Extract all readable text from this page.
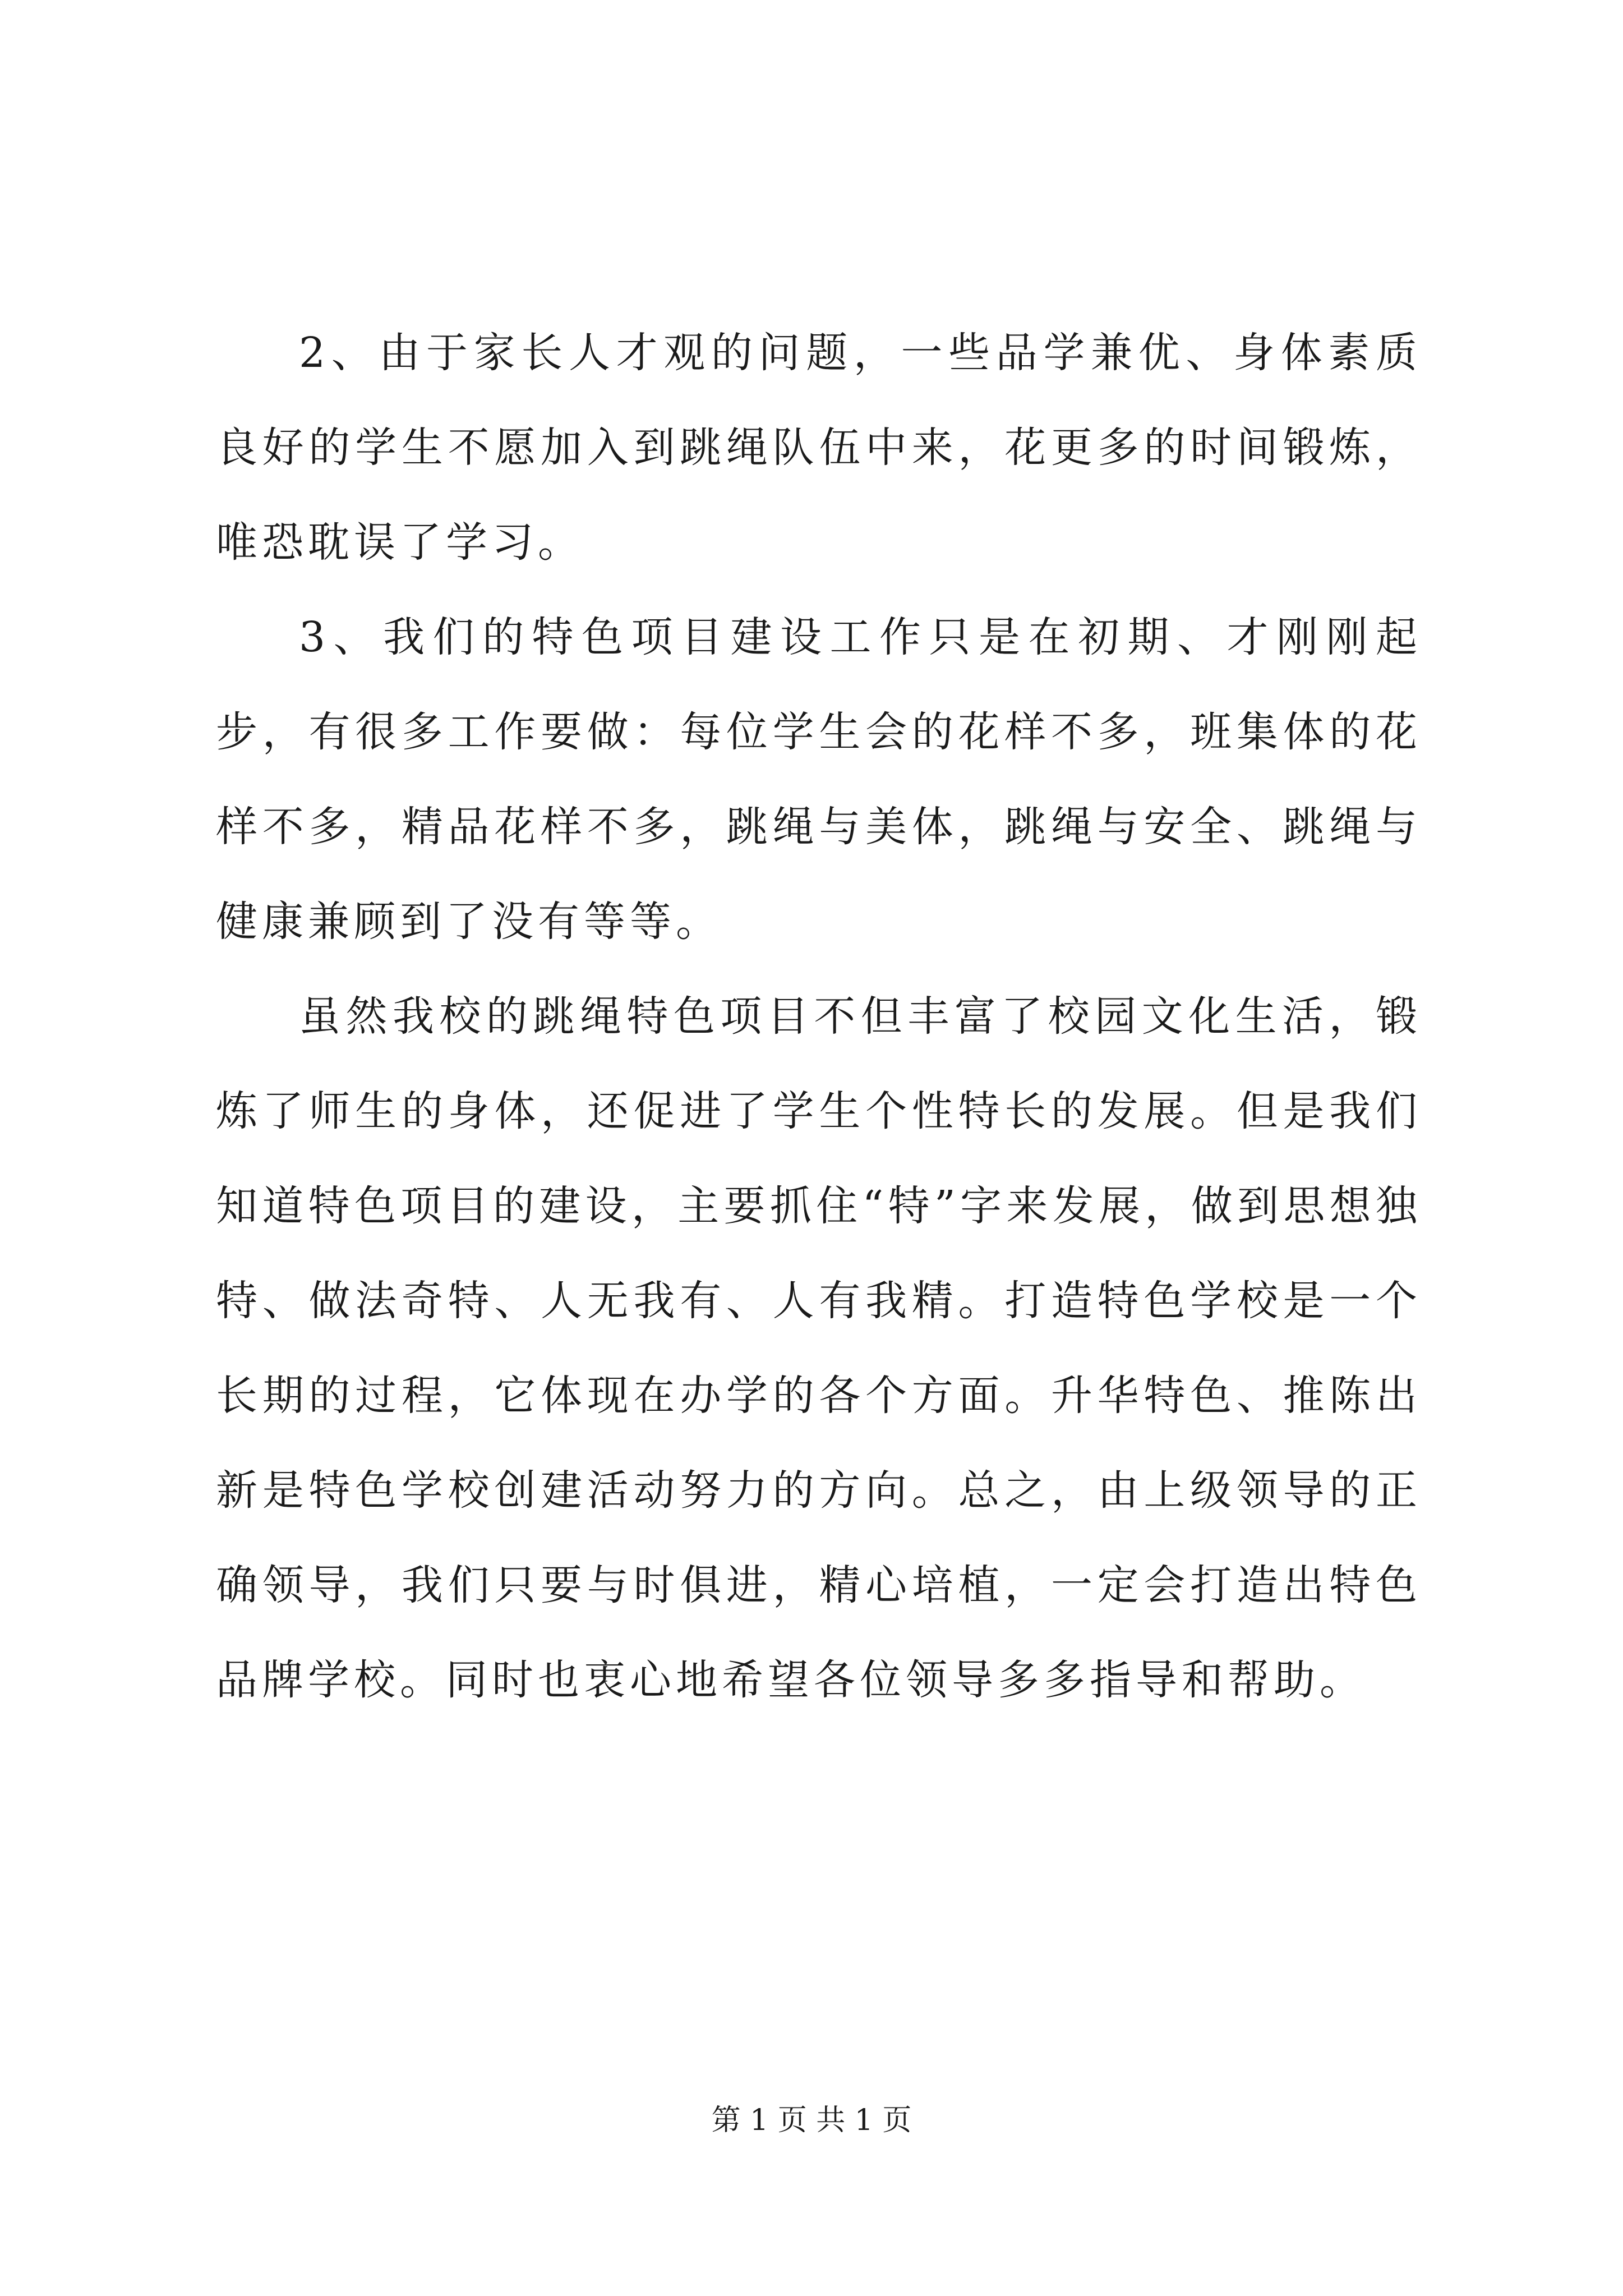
2、由于家长人才观的问题，一些品学兼优、身体素质良好的学生不愿加入到跳绳队伍中来，花更多的时间锻炼，唯恐耽误了学习。

3、我们的特色项目建设工作只是在初期、才刚刚起步，有很多工作要做：每位学生会的花样不多，班集体的花样不多，精品花样不多，跳绳与美体，跳绳与安全、跳绳与健康兼顾到了没有等等。

虽然我校的跳绳特色项目不但丰富了校园文化生活，锻炼了师生的身体，还促进了学生个性特长的发展。但是我们知道特色项目的建设，主要抓住“特”字来发展，做到思想独特、做法奇特、人无我有、人有我精。打造特色学校是一个长期的过程，它体现在办学的各个方面。升华特色、推陈出新是特色学校创建活动努力的方向。总之，由上级领导的正确领导，我们只要与时俱进，精心培植，一定会打造出特色品牌学校。同时也衷心地希望各位领导多多指导和帮助。

第 1 页 共 1 页
